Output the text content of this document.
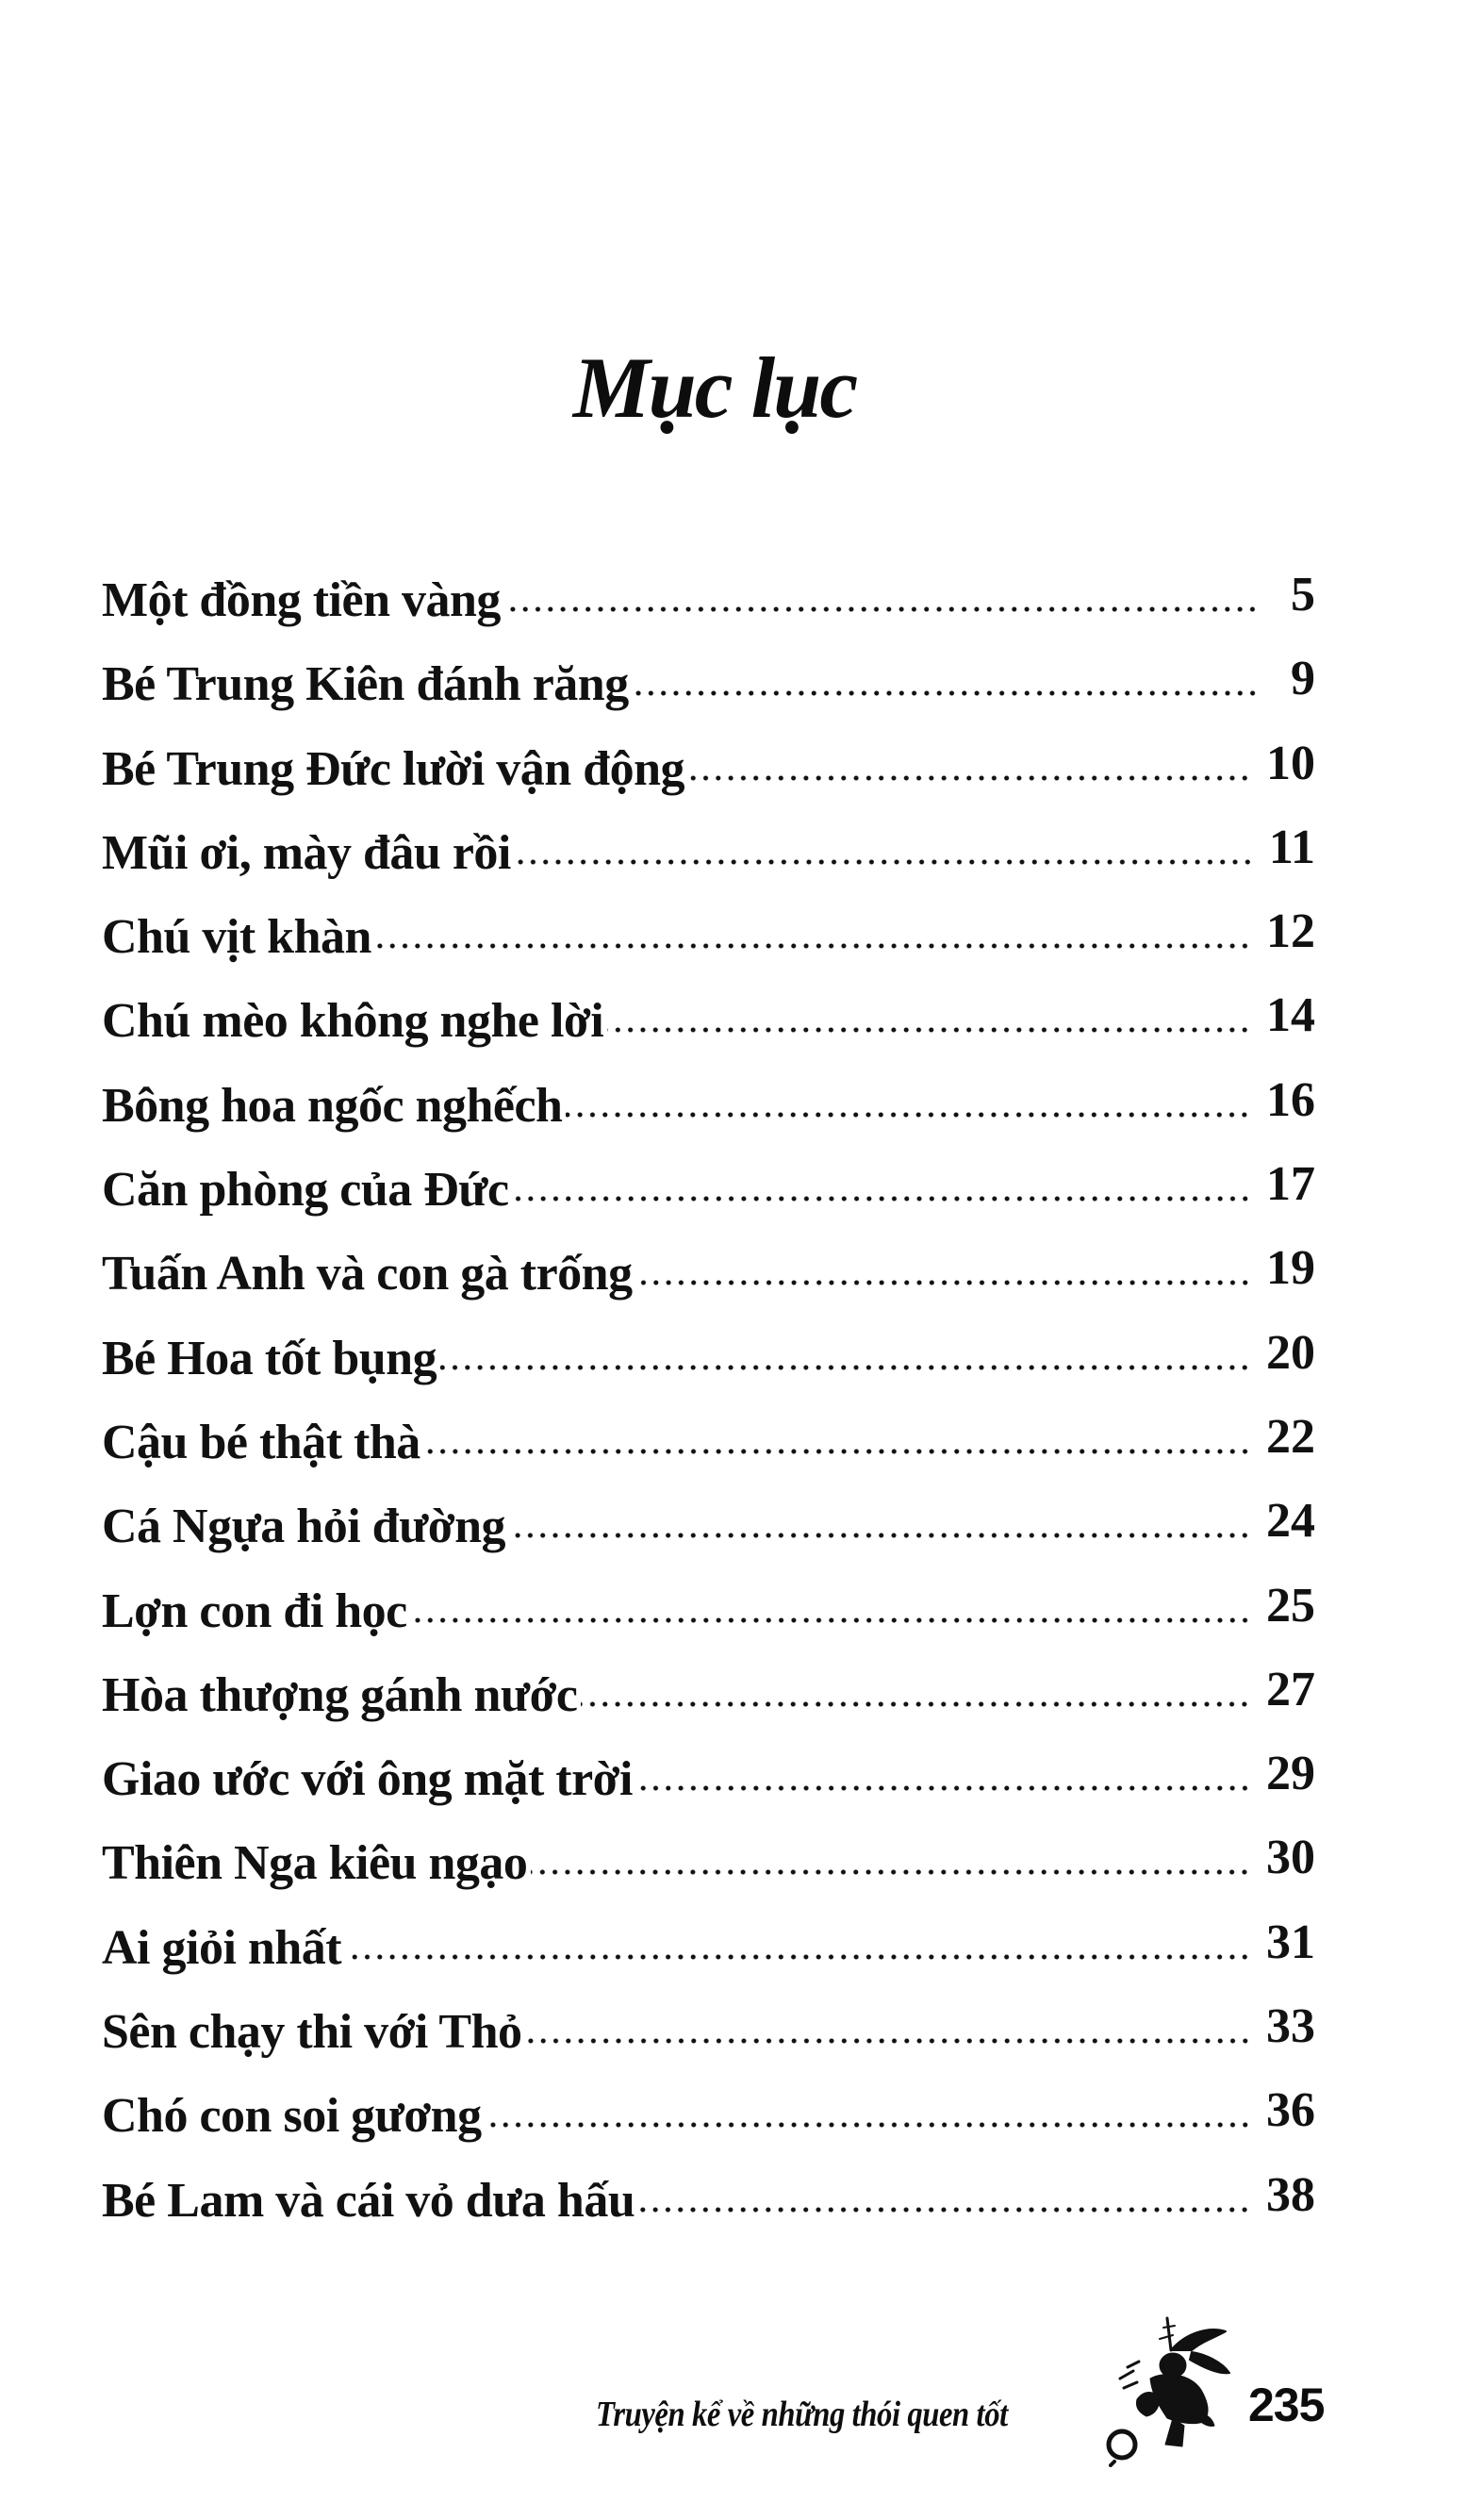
Mục lục
Một đồng tiền vàng	5
Bé Trung Kiên đánh răng	9
Bé Trung Đức lười vận động	10
Mũi ơi, mày đâu rồi	11
Chú vịt khàn	12
Chú mèo không nghe lời	14
Bông hoa ngốc nghếch	16
Căn phòng của Đức	17
Tuấn Anh và con gà trống	19
Bé Hoa tốt bụng	20
Cậu bé thật thà	22
Cá Ngựa hỏi đường	24
Lợn con đi học	25
Hòa thượng gánh nước	27
Giao ước với ông mặt trời	29
Thiên Nga kiêu ngạo	30
Ai giỏi nhất	31
Sên chạy thi với Thỏ	33
Chó con soi gương	36
Bé Lam và cái vỏ dưa hấu	38
Truyện kể về những thói quen tốt	235
